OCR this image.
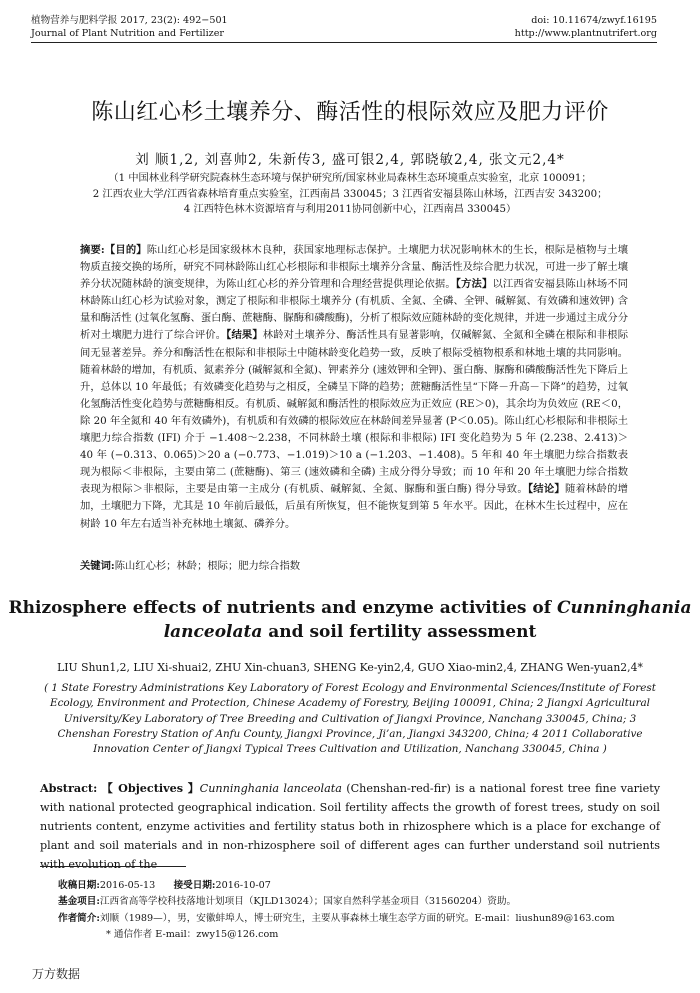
植物营养与肥料学报 2017, 23(2): 492−501
Journal of Plant Nutrition and Fertilizer
doi: 10.11674/zwyf.16195
http://www.plantnutrifert.org
陈山红心杉土壤养分、酶活性的根际效应及肥力评价
刘 顺1,2, 刘喜帅2, 朱新传3, 盛可银2,4, 郭晓敏2,4, 张文元2,4*
（1 中国林业科学研究院森林生态环境与保护研究所/国家林业局森林生态环境重点实验室，北京 100091；
2 江西农业大学/江西省森林培育重点实验室，江西南昌 330045；3 江西省安福县陈山林场，江西吉安 343200；
4 江西特色林木资源培育与利用2011协同创新中心，江西南昌 330045）
摘要:【目的】陈山红心杉是国家级林木良种，获国家地理标志保护。土壤肥力状况影响林木的生长，根际是植物与土壤物质直接交换的场所，研究不同林龄陈山红心杉根际和非根际土壤养分含量、酶活性及综合肥力状况，可进一步了解土壤养分状况随林龄的演变规律，为陈山红心杉的养分管理和合理经营提供理论依据。【方法】以江西省安福县陈山林场不同林龄陈山红心杉为试验对象，测定了根际和非根际土壤养分 (有机质、全氮、全磷、全钾、碱解氮、有效磷和速效钾) 含量和酶活性 (过氧化氢酶、蛋白酶、蔗糖酶、脲酶和磷酸酶)，分析了根际效应随林龄的变化规律，并进一步通过主成分分析对土壤肥力进行了综合评价。【结果】林龄对土壤养分、酶活性具有显著影响，仅碱解氮、全氮和全磷在根际和非根际间无显著差异。养分和酶活性在根际和非根际土中随林龄变化趋势一致，反映了根际受植物根系和林地土壤的共同影响。随着林龄的增加，有机质、氮素养分 (碱解氮和全氮)、钾素养分 (速效钾和全钾)、蛋白酶、脲酶和磷酸酶活性先下降后上升，总体以 10 年最低；有效磷变化趋势与之相反，全磷呈下降的趋势；蔗糖酶活性呈“下降－升高－下降”的趋势，过氧化氢酶活性变化趋势与蔗糖酶相反。有机质、碱解氮和酶活性的根际效应为正效应 (RE＞0)，其余均为负效应 (RE＜0，除 20 年全氮和 40 年有效磷外)，有机质和有效磷的根际效应在林龄间差异显著 (P＜0.05)。陈山红心杉根际和非根际土壤肥力综合指数 (IFI) 介于 −1.408～2.238，不同林龄土壤 (根际和非根际) IFI 变化趋势为 5 年 (2.238、2.413)＞40 年 (−0.313、0.065)＞20 a (−0.773、−1.019)＞10 a (−1.203、−1.408)。5 年和 40 年土壤肥力综合指数表现为根际＜非根际，主要由第二 (蔗糖酶)、第三 (速效磷和全磷) 主成分得分导致；而 10 年和 20 年土壤肥力综合指数表现为根际＞非根际，主要是由第一主成分 (有机质、碱解氮、全氮、脲酶和蛋白酶) 得分导致。【结论】随着林龄的增加，土壤肥力下降，尤其是 10 年前后最低，后虽有所恢复，但不能恢复到第 5 年水平。因此，在林木生长过程中，应在树龄 10 年左右适当补充林地土壤氮、磷养分。
关键词:陈山红心杉；林龄；根际；肥力综合指数
Rhizosphere effects of nutrients and enzyme activities of Cunninghania lanceolata and soil fertility assessment
LIU Shun1,2, LIU Xi-shuai2, ZHU Xin-chuan3, SHENG Ke-yin2,4, GUO Xiao-min2,4, ZHANG Wen-yuan2,4*
( 1 State Forestry Administrations Key Laboratory of Forest Ecology and Environmental Sciences/Institute of Forest Ecology, Environment and Protection, Chinese Academy of Forestry, Beijing 100091, China; 2 Jiangxi Agricultural University/Key Laboratory of Tree Breeding and Cultivation of Jiangxi Province, Nanchang 330045, China; 3 Chenshan Forestry Station of Anfu County, Jiangxi Province, Ji’an, Jiangxi 343200, China; 4 2011 Collaborative Innovation Center of Jiangxi Typical Trees Cultivation and Utilization, Nanchang 330045, China )
Abstract: 【 Objectives 】Cunninghania lanceolata (Chenshan-red-fir) is a national forest tree fine variety with national protected geographical indication. Soil fertility affects the growth of forest trees, study on soil nutrients content, enzyme activities and fertility status both in rhizosphere which is a place for exchange of plant and soil materials and in non-rhizosphere soil of different ages can further understand soil nutrients with evolution of the
收稿日期:2016-05-13 接受日期:2016-10-07
基金项目:江西省高等学校科技落地计划项目（KJLD13024）；国家自然科学基金项目（31560204）资助。
作者简介:刘顺（1989—），男，安徽蚌埠人，博士研究生，主要从事森林土壤生态学方面的研究。E-mail：liushun89@163.com
* 通信作者 E-mail：zwy15@126.com
万方数据
